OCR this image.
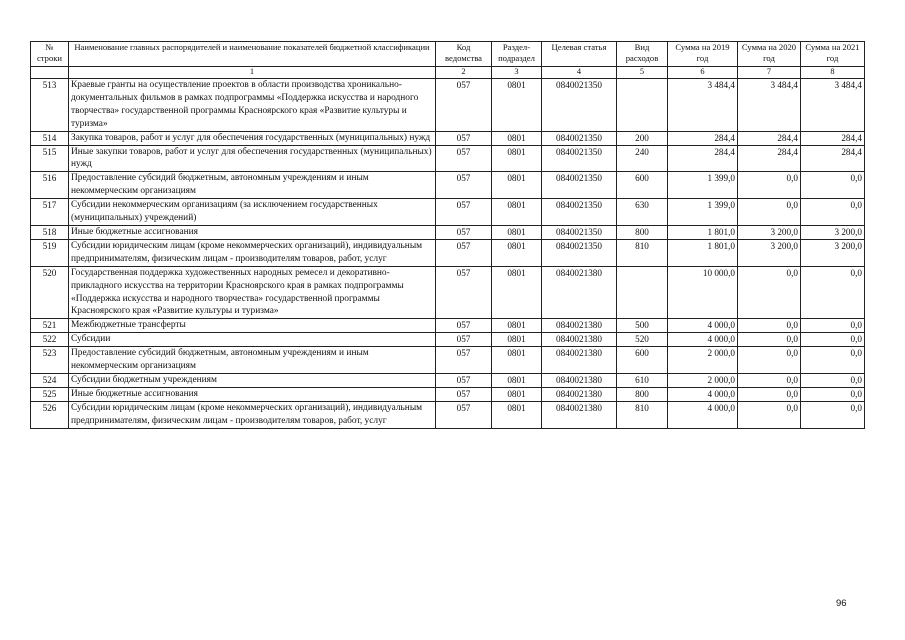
№ строки	Наименование главных распорядителей и наименование показателей бюджетной классификации	Код ведомства	Раздел-подраздел	Целевая статья	Вид расходов	Сумма на 2019 год	Сумма на 2020 год	Сумма на 2021 год
	1	2	3	4	5	6	7	8
513	Краевые гранты на осуществление проектов в области производства хроникально-документальных фильмов в рамках подпрограммы «Поддержка искусства и народного творчества» государственной программы Красноярского края «Развитие культуры и туризма»	057	0801	0840021350		3 484,4	3 484,4	3 484,4
514	Закупка товаров, работ и услуг для обеспечения государственных (муниципальных) нужд	057	0801	0840021350	200	284,4	284,4	284,4
515	Иные закупки товаров, работ и услуг для обеспечения государственных (муниципальных) нужд	057	0801	0840021350	240	284,4	284,4	284,4
516	Предоставление субсидий бюджетным, автономным учреждениям и иным некоммерческим организациям	057	0801	0840021350	600	1 399,0	0,0	0,0
517	Субсидии некоммерческим организациям (за исключением государственных (муниципальных) учреждений)	057	0801	0840021350	630	1 399,0	0,0	0,0
518	Иные бюджетные ассигнования	057	0801	0840021350	800	1 801,0	3 200,0	3 200,0
519	Субсидии юридическим лицам (кроме некоммерческих организаций), индивидуальным предпринимателям, физическим лицам - производителям товаров, работ, услуг	057	0801	0840021350	810	1 801,0	3 200,0	3 200,0
520	Государственная поддержка художественных народных ремесел и декоративно-прикладного искусства на территории Красноярского края в рамках подпрограммы «Поддержка искусства и народного творчества» государственной программы Красноярского края «Развитие культуры и туризма»	057	0801	0840021380		10 000,0	0,0	0,0
521	Межбюджетные трансферты	057	0801	0840021380	500	4 000,0	0,0	0,0
522	Субсидии	057	0801	0840021380	520	4 000,0	0,0	0,0
523	Предоставление субсидий бюджетным, автономным учреждениям и иным некоммерческим организациям	057	0801	0840021380	600	2 000,0	0,0	0,0
524	Субсидии бюджетным учреждениям	057	0801	0840021380	610	2 000,0	0,0	0,0
525	Иные бюджетные ассигнования	057	0801	0840021380	800	4 000,0	0,0	0,0
526	Субсидии юридическим лицам (кроме некоммерческих организаций), индивидуальным предпринимателям, физическим лицам - производителям товаров, работ, услуг	057	0801	0840021380	810	4 000,0	0,0	0,0
96
